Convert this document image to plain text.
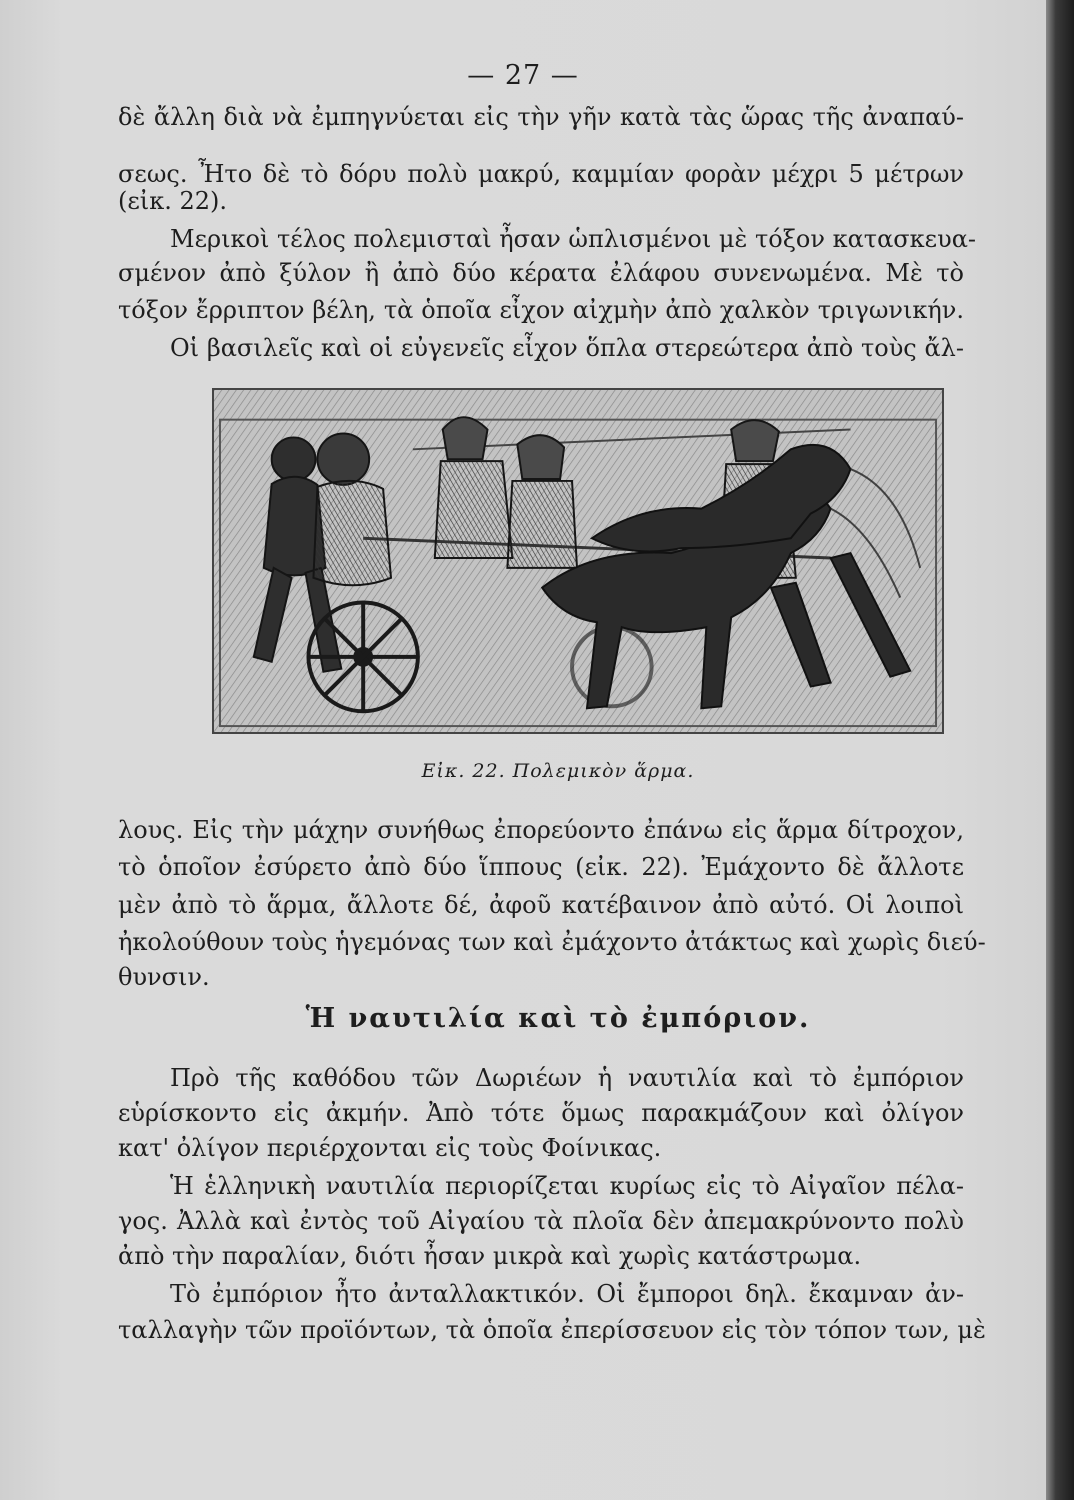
— 27 —
δὲ ἄλλη διὰ νὰ ἐμπηγνύεται εἰς τὴν γῆν κατὰ τὰς ὥρας τῆς ἀναπαύ-
σεως. Ἦτο δὲ τὸ δόρυ πολὺ μακρύ, καμμίαν φορὰν μέχρι 5 μέτρων
(εἰκ. 22).
Μερικοὶ τέλος πολεμισταὶ ἦσαν ὡπλισμένοι μὲ τόξον κατασκευα-
σμένον ἀπὸ ξύλον ἢ ἀπὸ δύο κέρατα ἐλάφου συνενωμένα. Μὲ τὸ
τόξον ἔρριπτον βέλη, τὰ ὁποῖα εἶχον αἰχμὴν ἀπὸ χαλκὸν τριγωνικήν.
Οἱ βασιλεῖς καὶ οἱ εὐγενεῖς εἶχον ὅπλα στερεώτερα ἀπὸ τοὺς ἄλ-
Εἰκ. 22. Πολεμικὸν ἅρμα.
λους. Εἰς τὴν μάχην συνήθως ἐπορεύοντο ἐπάνω εἰς ἅρμα δίτροχον,
τὸ ὁποῖον ἐσύρετο ἀπὸ δύο ἵππους (εἰκ. 22). Ἐμάχοντο δὲ ἄλλοτε
μὲν ἀπὸ τὸ ἅρμα, ἄλλοτε δέ, ἀφοῦ κατέβαινον ἀπὸ αὐτό. Οἱ λοιποὶ
ἠκολούθουν τοὺς ἡγεμόνας των καὶ ἐμάχοντο ἀτάκτως καὶ χωρὶς διεύ-
θυνσιν.
Ἡ ναυτιλία καὶ τὸ ἐμπόριον.
Πρὸ τῆς καθόδου τῶν Δωριέων ἡ ναυτιλία καὶ τὸ ἐμπόριον
εὑρίσκοντο εἰς ἀκμήν. Ἀπὸ τότε ὅμως παρακμάζουν καὶ ὀλίγον
κατ' ὀλίγον περιέρχονται εἰς τοὺς Φοίνικας.
Ἡ ἑλληνικὴ ναυτιλία περιορίζεται κυρίως εἰς τὸ Αἰγαῖον πέλα-
γος. Ἀλλὰ καὶ ἐντὸς τοῦ Αἰγαίου τὰ πλοῖα δὲν ἀπεμακρύνοντο πολὺ
ἀπὸ τὴν παραλίαν, διότι ἦσαν μικρὰ καὶ χωρὶς κατάστρωμα.
Τὸ ἐμπόριον ἦτο ἀνταλλακτικόν. Οἱ ἔμποροι δηλ. ἔκαμναν ἀν-
ταλλαγὴν τῶν προϊόντων, τὰ ὁποῖα ἐπερίσσευον εἰς τὸν τόπον των, μὲ
